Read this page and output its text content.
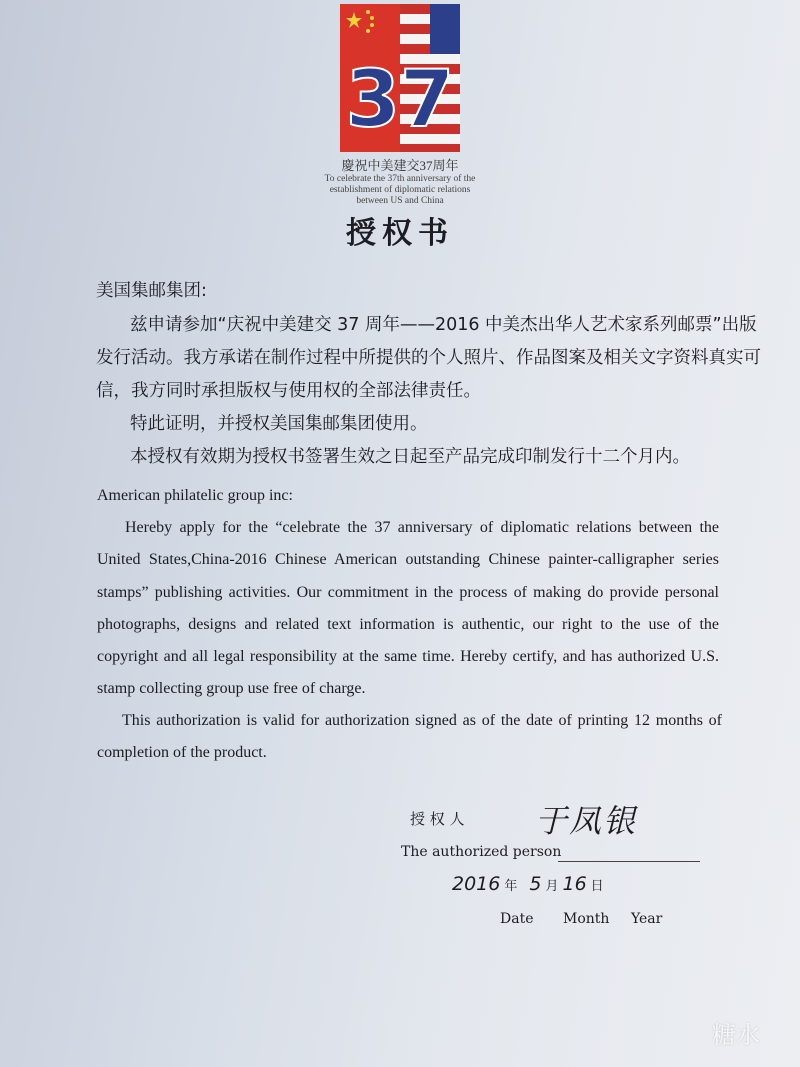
37
慶祝中美建交37周年
To celebrate the 37th anniversary of the
establishment of diplomatic relations
between US and China
授权书
美国集邮集团:
兹申请参加“庆祝中美建交 37 周年——2016 中美杰出华人艺术家系列邮票”出版
发行活动。我方承诺在制作过程中所提供的个人照片、作品图案及相关文字资料真实可
信，我方同时承担版权与使用权的全部法律责任。
特此证明，并授权美国集邮集团使用。
本授权有效期为授权书签署生效之日起至产品完成印制发行十二个月内。
American philatelic group inc:
Hereby apply for the “celebrate the 37 anniversary of diplomatic relations between the
United States,China-2016 Chinese American outstanding Chinese painter-calligrapher series
stamps” publishing activities. Our commitment in the process of making do provide personal
photographs, designs and related text information is authentic, our right to the use of the
copyright and all legal responsibility at the same time. Hereby certify, and has authorized U.S.
stamp collecting group use free of charge.
This authorization is valid for authorization signed as of the date of printing 12 months of
completion of the product.
授 权 人 于凤银
The authorized person
2016 年 5 月 16 日
Date Month Year
糖水
